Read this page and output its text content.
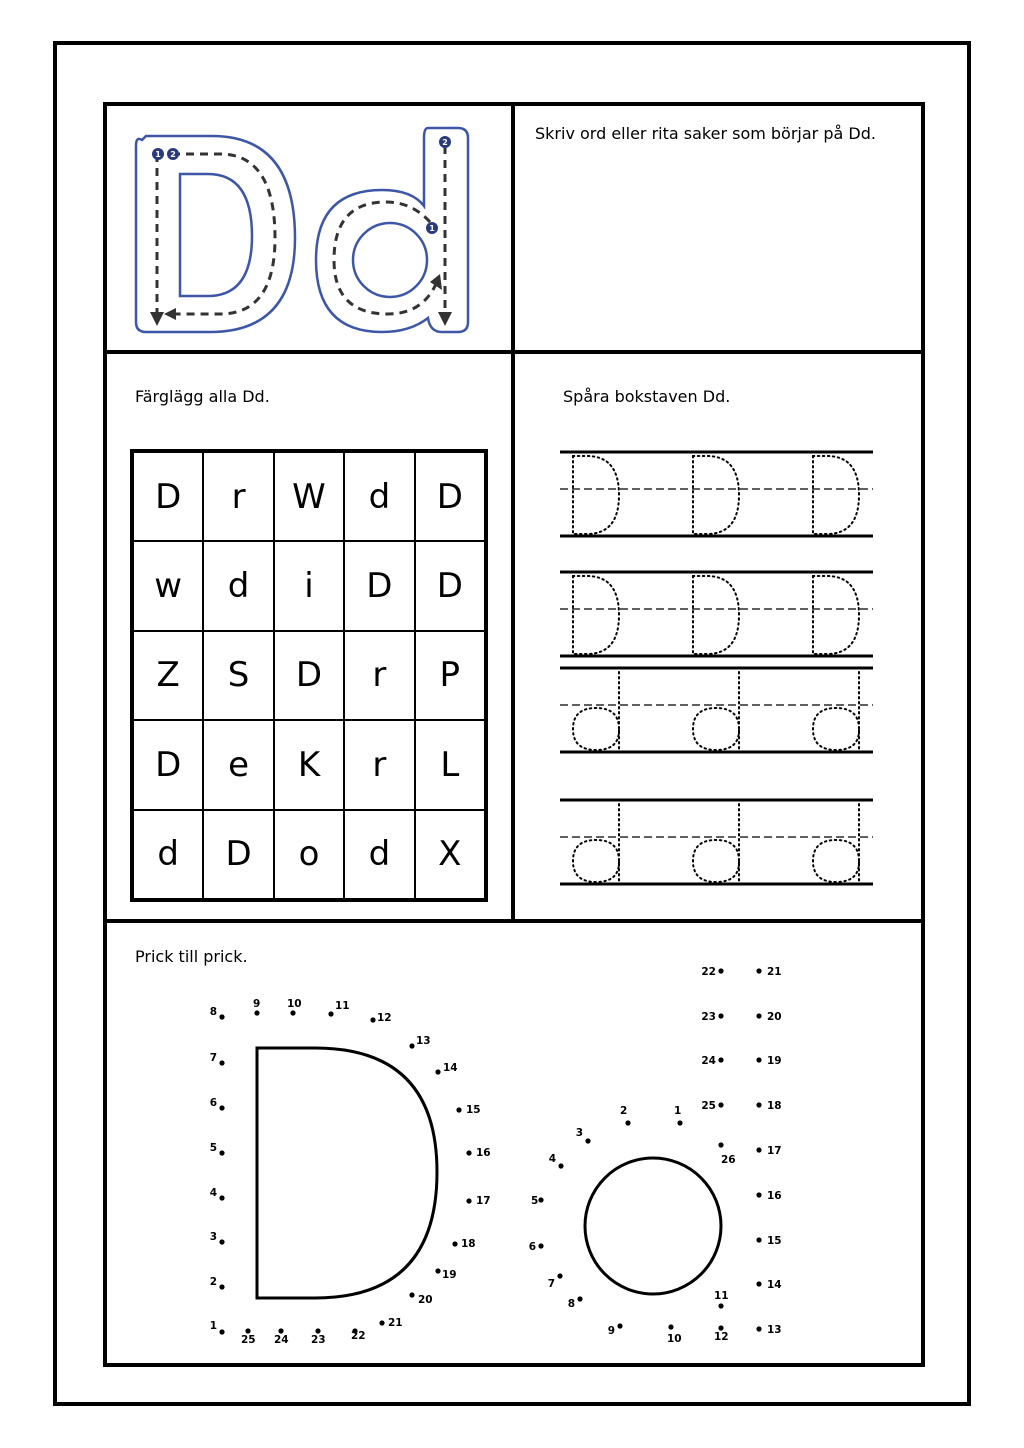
1 2
2
1
Skriv ord eller rita saker som börjar på Dd.
Färglägg alla Dd.	Spåra bokstaven Dd.
Prick till prick.
D	r	W	d	D
w	d	i	D	D
Z	S	D	r	P
D	e	K	r	L
d	D	o	d	X
1
2
3
4
5
6
7
8
9	10	11
12
13
14
15
16
17
18
19
20
21
22
23
24
25
1
2
3
4
5
6
7
8
9
10
11
12
13
14
15
16
17
18
19
20
21
22
23
24
25
26
